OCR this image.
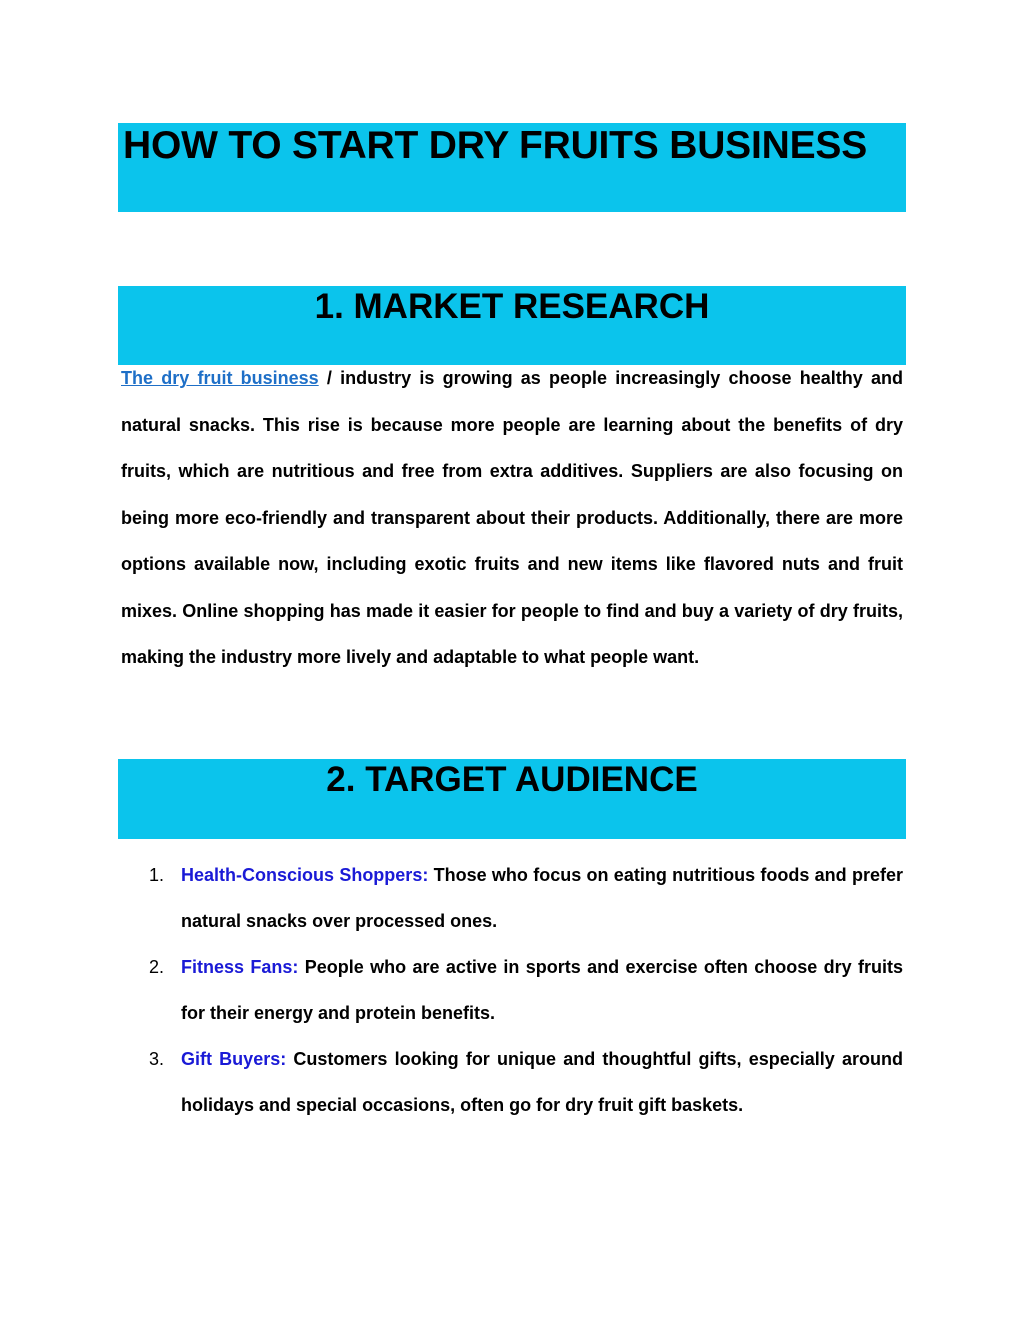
HOW TO START DRY FRUITS BUSINESS
1. MARKET RESEARCH

The dry fruit business / industry is growing as people increasingly choose healthy and natural snacks. This rise is because more people are learning about the benefits of dry fruits, which are nutritious and free from extra additives. Suppliers are also focusing on being more eco-friendly and transparent about their products. Additionally, there are more options available now, including exotic fruits and new items like flavored nuts and fruit mixes. Online shopping has made it easier for people to find and buy a variety of dry fruits, making the industry more lively and adaptable to what people want.

2. TARGET AUDIENCE
1. Health-Conscious Shoppers: Those who focus on eating nutritious foods and prefer natural snacks over processed ones.
2. Fitness Fans: People who are active in sports and exercise often choose dry fruits for their energy and protein benefits.
3. Gift Buyers: Customers looking for unique and thoughtful gifts, especially around holidays and special occasions, often go for dry fruit gift baskets.
